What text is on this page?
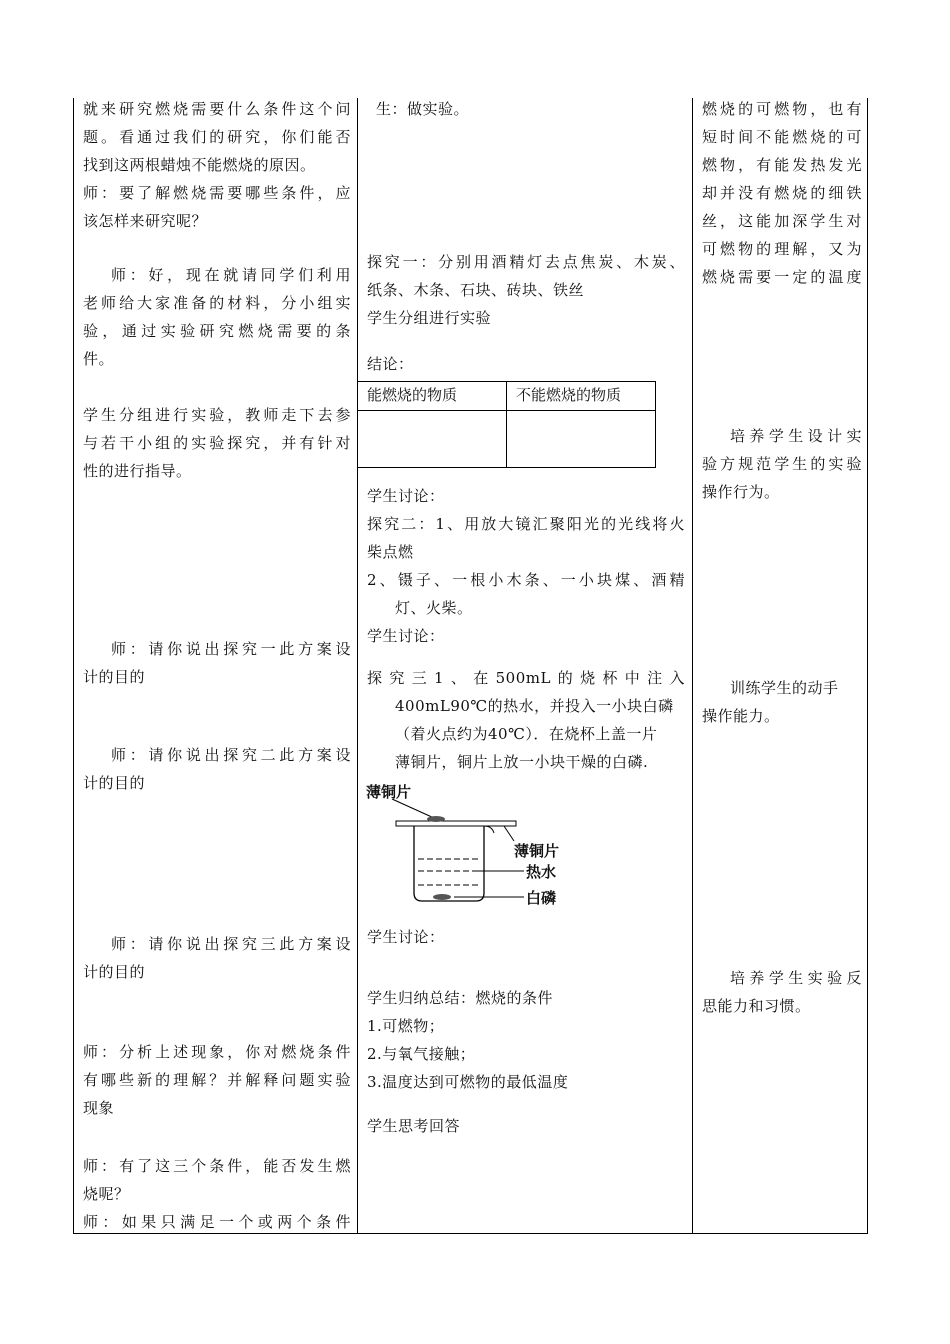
就来研究燃烧需要什么条件这个问
题。看通过我们的研究，你们能否
找到这两根蜡烛不能燃烧的原因。
师：要了解燃烧需要哪些条件，应
该怎样来研究呢？
师：好，现在就请同学们利用
老师给大家准备的材料，分小组实
验，通过实验研究燃烧需要的条
件。
学生分组进行实验，教师走下去参
与若干小组的实验探究，并有针对
性的进行指导。
师：请你说出探究一此方案设
计的目的
师：请你说出探究二此方案设
计的目的
师：请你说出探究三此方案设
计的目的
师：分析上述现象，你对燃烧条件
有哪些新的理解？并解释问题实验
现象
师：有了这三个条件，能否发生燃
烧呢？
师：如果只满足一个或两个条件
生：做实验。
探究一：分别用酒精灯去点焦炭、木炭、
纸条、木条、石块、砖块、铁丝
学生分组进行实验
结论：
能燃烧的物质	不能燃烧的物质

学生讨论：
探究二：1、用放大镜汇聚阳光的光线将火
柴点燃
2、镊子、一根小木条、一小块煤、酒精
灯、火柴。
学生讨论：
探究三1、在500mL的烧杯中注入
400mL90℃的热水，并投入一小块白磷
（着火点约为40℃）．在烧杯上盖一片
薄铜片，铜片上放一小块干燥的白磷.
薄铜片
薄铜片
热水
白磷
学生讨论：
学生归纳总结：燃烧的条件
1.可燃物；
2.与氧气接触；
3.温度达到可燃物的最低温度
学生思考回答
燃烧的可燃物，也有
短时间不能燃烧的可
燃物，有能发热发光
却并没有燃烧的细铁
丝，这能加深学生对
可燃物的理解，又为
燃烧需要一定的温度
培养学生设计实
验方规范学生的实验
操作行为。
训练学生的动手
操作能力。
培养学生实验反
思能力和习惯。
